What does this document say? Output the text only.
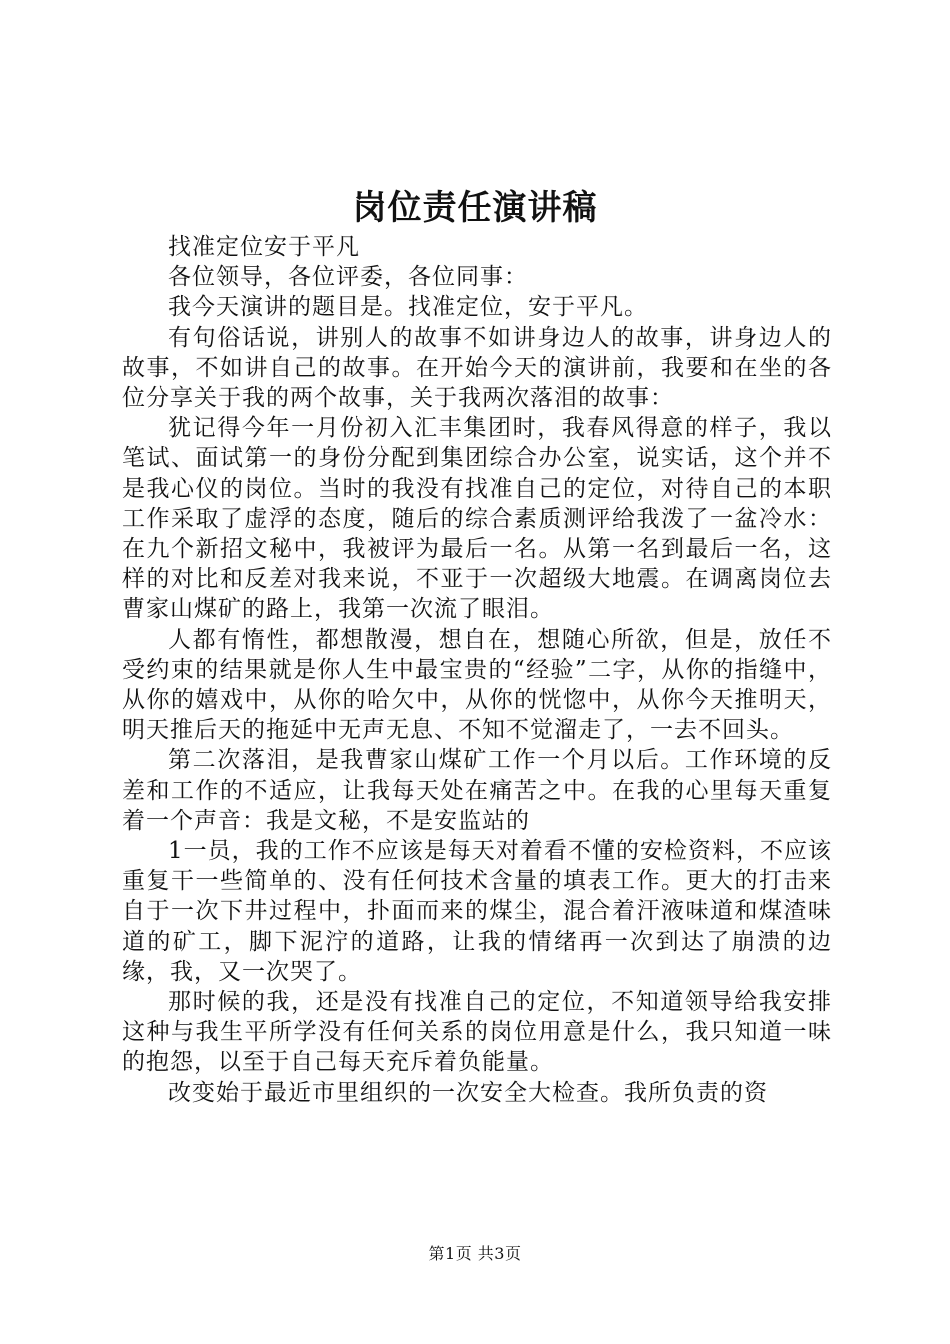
岗位责任演讲稿

找准定位安于平凡

各位领导，各位评委，各位同事：

我今天演讲的题目是。找准定位，安于平凡。

有句俗话说，讲别人的故事不如讲身边人的故事，讲身边人的故事，不如讲自己的故事。在开始今天的演讲前，我要和在坐的各位分享关于我的两个故事，关于我两次落泪的故事：

犹记得今年一月份初入汇丰集团时，我春风得意的样子，我以笔试、面试第一的身份分配到集团综合办公室，说实话，这个并不是我心仪的岗位。当时的我没有找准自己的定位，对待自己的本职工作采取了虚浮的态度，随后的综合素质测评给我泼了一盆冷水：在九个新招文秘中，我被评为最后一名。从第一名到最后一名，这样的对比和反差对我来说，不亚于一次超级大地震。在调离岗位去曹家山煤矿的路上，我第一次流了眼泪。

人都有惰性，都想散漫，想自在，想随心所欲，但是，放任不受约束的结果就是你人生中最宝贵的“经验”二字，从你的指缝中，从你的嬉戏中，从你的哈欠中，从你的恍惚中，从你今天推明天，明天推后天的拖延中无声无息、不知不觉溜走了，一去不回头。

第二次落泪，是我曹家山煤矿工作一个月以后。工作环境的反差和工作的不适应，让我每天处在痛苦之中。在我的心里每天重复着一个声音：我是文秘，不是安监站的

1一员，我的工作不应该是每天对着看不懂的安检资料，不应该重复干一些简单的、没有任何技术含量的填表工作。更大的打击来自于一次下井过程中，扑面而来的煤尘，混合着汗液味道和煤渣味道的矿工，脚下泥泞的道路，让我的情绪再一次到达了崩溃的边缘，我，又一次哭了。

那时候的我，还是没有找准自己的定位，不知道领导给我安排这种与我生平所学没有任何关系的岗位用意是什么，我只知道一味的抱怨，以至于自己每天充斥着负能量。

改变始于最近市里组织的一次安全大检查。我所负责的资

第1页 共3页
